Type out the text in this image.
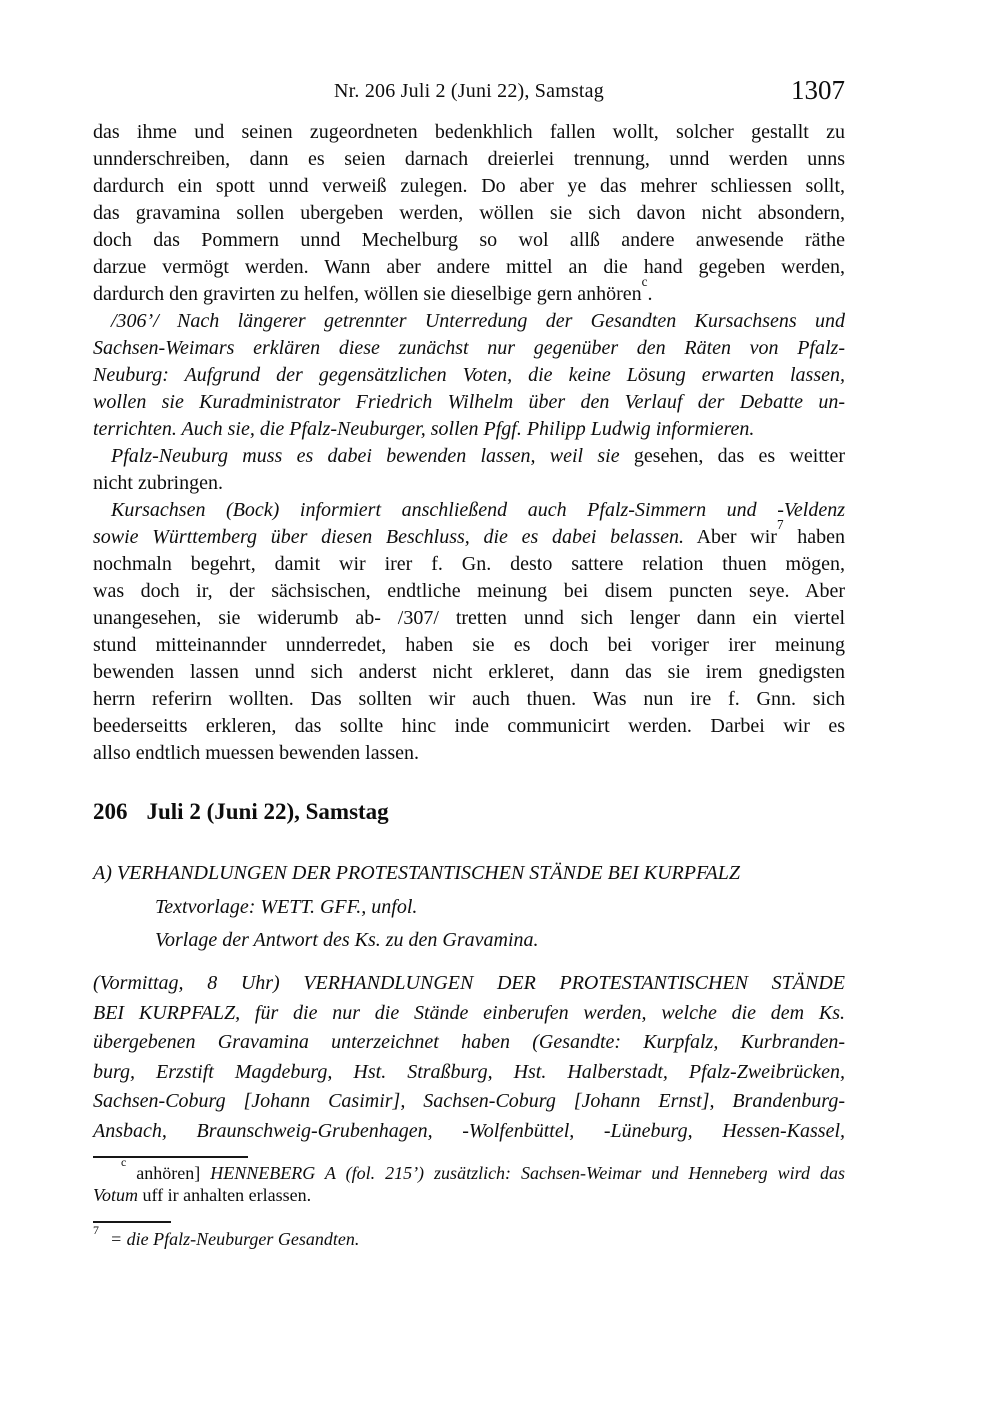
Nr. 206 Juli 2 (Juni 22), Samstag	1307
das ihme und seinen zugeordneten bedenkhlich fallen wollt, solcher gestallt zu
unnderschreiben, dann es seien darnach dreierlei trennung, unnd werden unns
dardurch ein spott unnd verweiß zulegen. Do aber ye das mehrer schliessen sollt,
das gravamina sollen ubergeben werden, wöllen sie sich davon nicht absondern,
doch das Pommern unnd Mechelburg so wol allß andere anwesende räthe
darzue vermögt werden. Wann aber andere mittel an die hand gegeben werden,
dardurch den gravirten zu helfen, wöllen sie dieselbige gern anhören$^c$.
/306’/ Nach längerer getrennter Unterredung der Gesandten Kursachsens und
Sachsen-Weimars erklären diese zunächst nur gegenüber den Räten von Pfalz-
Neuburg: Aufgrund der gegensätzlichen Voten, die keine Lösung erwarten lassen,
wollen sie Kuradministrator Friedrich Wilhelm über den Verlauf der Debatte un-
terrichten. Auch sie, die Pfalz-Neuburger, sollen Pfgf. Philipp Ludwig informieren.
Pfalz-Neuburg muss es dabei bewenden lassen, weil sie gesehen, das es weitter
nicht zubringen.
Kursachsen (Bock) informiert anschließend auch Pfalz-Simmern und -Veldenz
sowie Württemberg über diesen Beschluss, die es dabei belassen. Aber wir$^7$ haben
nochmaln begehrt, damit wir irer f. Gn. desto sattere relation thuen mögen,
was doch ir, der sächsischen, endtliche meinung bei disem puncten seye. Aber
unangesehen, sie widerumb ab- /307/ tretten unnd sich lenger dann ein viertel
stund mitteinannder unnderredet, haben sie es doch bei voriger irer meinung
bewenden lassen unnd sich anderst nicht erkleret, dann das sie irem gnedigsten
herrn referirn wollten. Das sollten wir auch thuen. Was nun ire f. Gnn. sich
beederseitts erkleren, das sollte hinc inde communicirt werden. Darbei wir es
allso endtlich muessen bewenden lassen.
206 Juli 2 (Juni 22), Samstag
A) VERHANDLUNGEN DER PROTESTANTISCHEN STÄNDE BEI KURPFALZ
Textvorlage: WETT. GFF., unfol.
Vorlage der Antwort des Ks. zu den Gravamina.
(Vormittag, 8 Uhr) VERHANDLUNGEN DER PROTESTANTISCHEN STÄNDE
BEI KURPFALZ, für die nur die Stände einberufen werden, welche die dem Ks.
übergebenen Gravamina unterzeichnet haben (Gesandte: Kurpfalz, Kurbranden-
burg, Erzstift Magdeburg, Hst. Straßburg, Hst. Halberstadt, Pfalz-Zweibrücken,
Sachsen-Coburg [Johann Casimir], Sachsen-Coburg [Johann Ernst], Brandenburg-
Ansbach, Braunschweig-Grubenhagen, -Wolfenbüttel, -Lüneburg, Hessen-Kassel,
$^c$ anhören] HENNEBERG A (fol. 215’) zusätzlich: Sachsen-Weimar und Henneberg wird das
Votum uff ir anhalten erlassen.
$^7$ = die Pfalz-Neuburger Gesandten.
